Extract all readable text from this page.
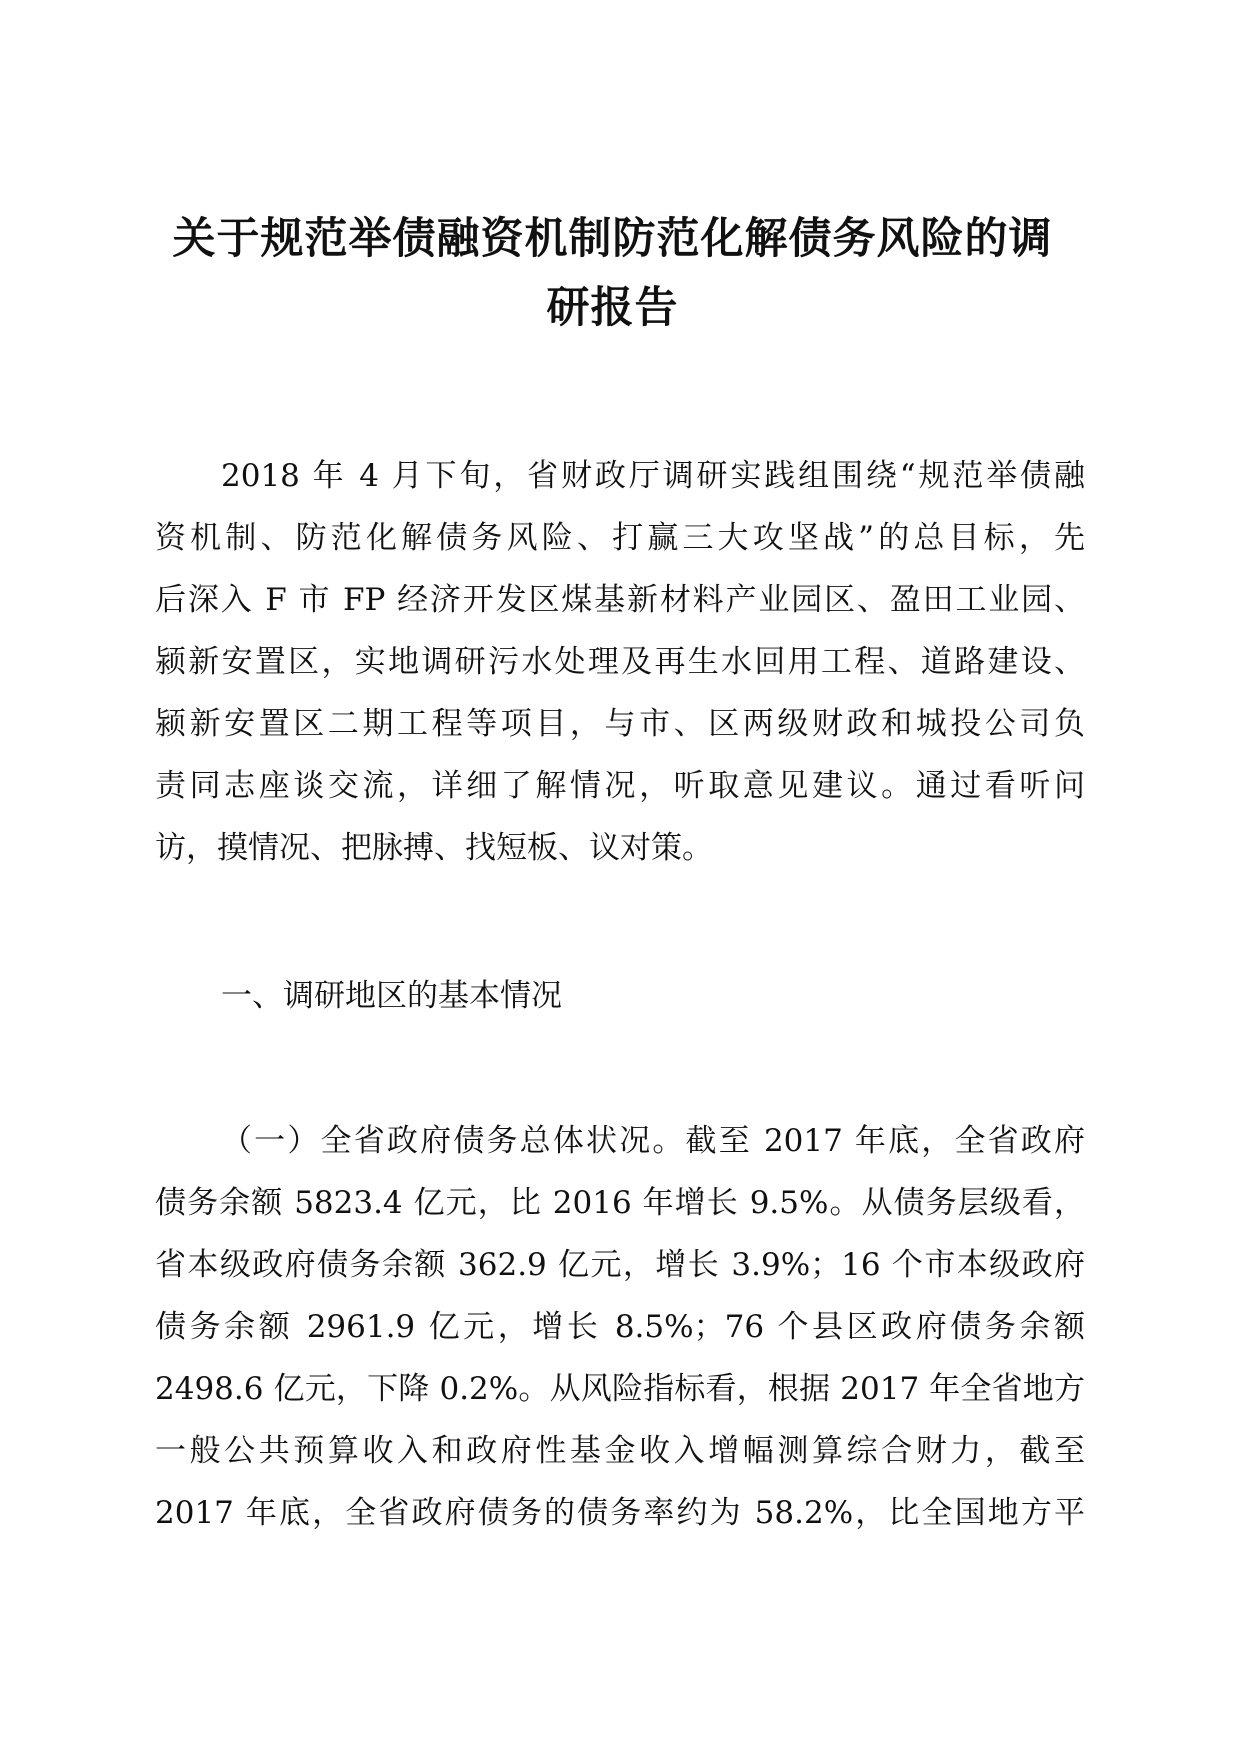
关于规范举债融资机制防范化解债务风险的调
研报告
2018 年 4 月下旬，省财政厅调研实践组围绕“规范举债融
资机制、防范化解债务风险、打赢三大攻坚战”的总目标，先
后深入 F 市 FP 经济开发区煤基新材料产业园区、盈田工业园、
颍新安置区，实地调研污水处理及再生水回用工程、道路建设、
颍新安置区二期工程等项目，与市、区两级财政和城投公司负
责同志座谈交流，详细了解情况，听取意见建议。通过看听问
访，摸情况、把脉搏、找短板、议对策。
一、调研地区的基本情况
（一）全省政府债务总体状况。截至 2017 年底，全省政府
债务余额 5823.4 亿元，比 2016 年增长 9.5%。从债务层级看，
省本级政府债务余额 362.9 亿元，增长 3.9%；16 个市本级政府
债务余额 2961.9 亿元，增长 8.5%；76 个县区政府债务余额
2498.6 亿元，下降 0.2%。从风险指标看，根据 2017 年全省地方
一般公共预算收入和政府性基金收入增幅测算综合财力，截至
2017 年底，全省政府债务的债务率约为 58.2%，比全国地方平
